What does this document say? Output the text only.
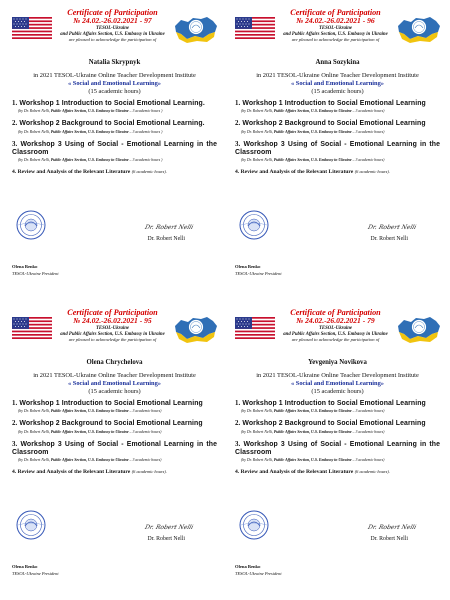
Certificate of Participation
№ 24.02.-26.02.2021 - 97
TESOL-Ukraine
and Public Affairs Section, U.S. Embassy in Ukraine
are pleased to acknowledge the participation of
Natalia Skrypnyk
in 2021 TESOL-Ukraine Online Teacher Development Institute
« Social and Emotional Learning»
(15 academic hours)
1. Workshop 1 Introduction to Social Emotional Learning.
(by Dr. Robert Nelli, Public Affairs Section, U.S. Embassy in Ukraine – 3 academic hours )
2. Workshop 2 Background to Social Emotional Learning.
(by Dr. Robert Nelli, Public Affairs Section, U.S. Embassy in Ukraine – 3 academic hours )
3. Workshop 3 Using of Social - Emotional Learning in the Classroom
(by Dr. Robert Nelli, Public Affairs Section, U.S. Embassy in Ukraine – 3 academic hours )
4. Review and Analysis of the Relevant Literature (6 academic hours).
Dr. Robert Nelli
Dr. Robert Nelli
Olena Benko
TESOL-Ukraine President
Certificate of Participation
№ 24.02.-26.02.2021 - 96
TESOL-Ukraine
and Public Affairs Section, U.S. Embassy in Ukraine
are pleased to acknowledge the participation of
Anna Sozykina
in 2021 TESOL-Ukraine Online Teacher Development Institute
« Social and Emotional Learning»
(15 academic hours)
1. Workshop 1 Introduction to Social Emotional Learning
(by Dr. Robert Nelli, Public Affairs Section, U.S. Embassy in Ukraine – 3 academic hours)
2. Workshop 2 Background to Social Emotional Learning
(by Dr. Robert Nelli, Public Affairs Section, U.S. Embassy in Ukraine – 3 academic hours)
3. Workshop 3 Using of Social - Emotional Learning in the Classroom
(by Dr. Robert Nelli, Public Affairs Section, U.S. Embassy in Ukraine – 3 academic hours)
4. Review and Analysis of the Relevant Literature (6 academic hours).
Dr. Robert Nelli
Dr. Robert Nelli
Olena Benko
TESOL-Ukraine President
Certificate of Participation
№ 24.02.-26.02.2021 - 95
TESOL-Ukraine
and Public Affairs Section, U.S. Embassy in Ukraine
are pleased to acknowledge the participation of
Olena Chrychelova
in 2021 TESOL-Ukraine Online Teacher Development Institute
« Social and Emotional Learning»
(15 academic hours)
1. Workshop 1 Introduction to Social Emotional Learning
(by Dr. Robert Nelli, Public Affairs Section, U.S. Embassy in Ukraine – 3 academic hours)
2. Workshop 2 Background to Social Emotional Learning
(by Dr. Robert Nelli, Public Affairs Section, U.S. Embassy in Ukraine – 3 academic hours)
3. Workshop 3 Using of Social - Emotional Learning in the Classroom
(by Dr. Robert Nelli, Public Affairs Section, U.S. Embassy in Ukraine – 3 academic hours)
4. Review and Analysis of the Relevant Literature (6 academic hours).
Dr. Robert Nelli
Dr. Robert Nelli
Olena Benko
TESOL-Ukraine President
Certificate of Participation
№ 24.02.-26.02.2021 - 79
TESOL-Ukraine
and Public Affairs Section, U.S. Embassy in Ukraine
are pleased to acknowledge the participation of
Yevgeniya Novikova
in 2021 TESOL-Ukraine Online Teacher Development Institute
« Social and Emotional Learning»
(15 academic hours)
1. Workshop 1 Introduction to Social Emotional Learning
(by Dr. Robert Nelli, Public Affairs Section, U.S. Embassy in Ukraine – 3 academic hours)
2. Workshop 2 Background to Social Emotional Learning
(by Dr. Robert Nelli, Public Affairs Section, U.S. Embassy in Ukraine – 3 academic hours)
3. Workshop 3 Using of Social - Emotional Learning in the Classroom
(by Dr. Robert Nelli, Public Affairs Section, U.S. Embassy in Ukraine – 3 academic hours)
4. Review and Analysis of the Relevant Literature (6 academic hours).
Dr. Robert Nelli
Dr. Robert Nelli
Olena Benko
TESOL-Ukraine President
